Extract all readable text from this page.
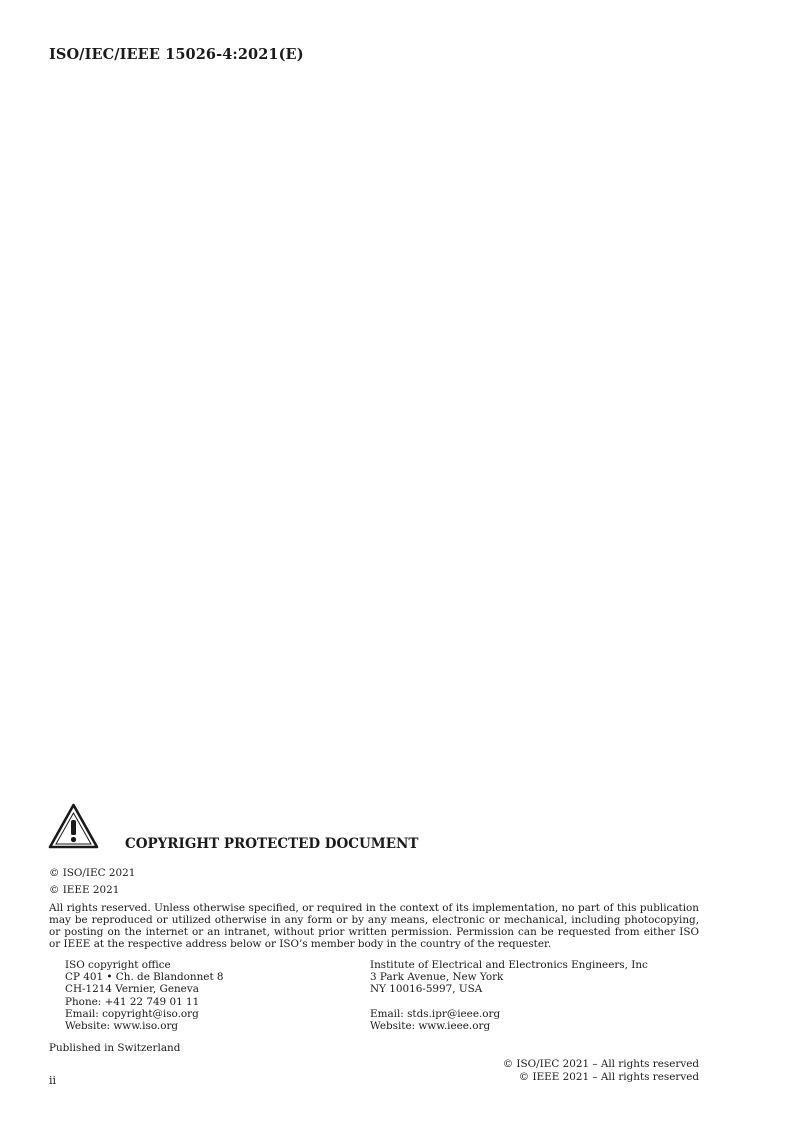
ISO/IEC/IEEE 15026-4:2021(E)
COPYRIGHT PROTECTED DOCUMENT
© ISO/IEC 2021
© IEEE 2021
All rights reserved. Unless otherwise specified, or required in the context of its implementation, no part of this publication may be reproduced or utilized otherwise in any form or by any means, electronic or mechanical, including photocopying, or posting on the internet or an intranet, without prior written permission. Permission can be requested from either ISO or IEEE at the respective address below or ISO’s member body in the country of the requester.
ISO copyright office
CP 401 • Ch. de Blandonnet 8
CH-1214 Vernier, Geneva
Phone: +41 22 749 01 11
Email: copyright@iso.org
Website: www.iso.org
Institute of Electrical and Electronics Engineers, Inc
3 Park Avenue, New York
NY 10016-5997, USA

Email: stds.ipr@ieee.org
Website: www.ieee.org
Published in Switzerland
© ISO/IEC 2021 – All rights reserved
© IEEE 2021 – All rights reserved
ii
